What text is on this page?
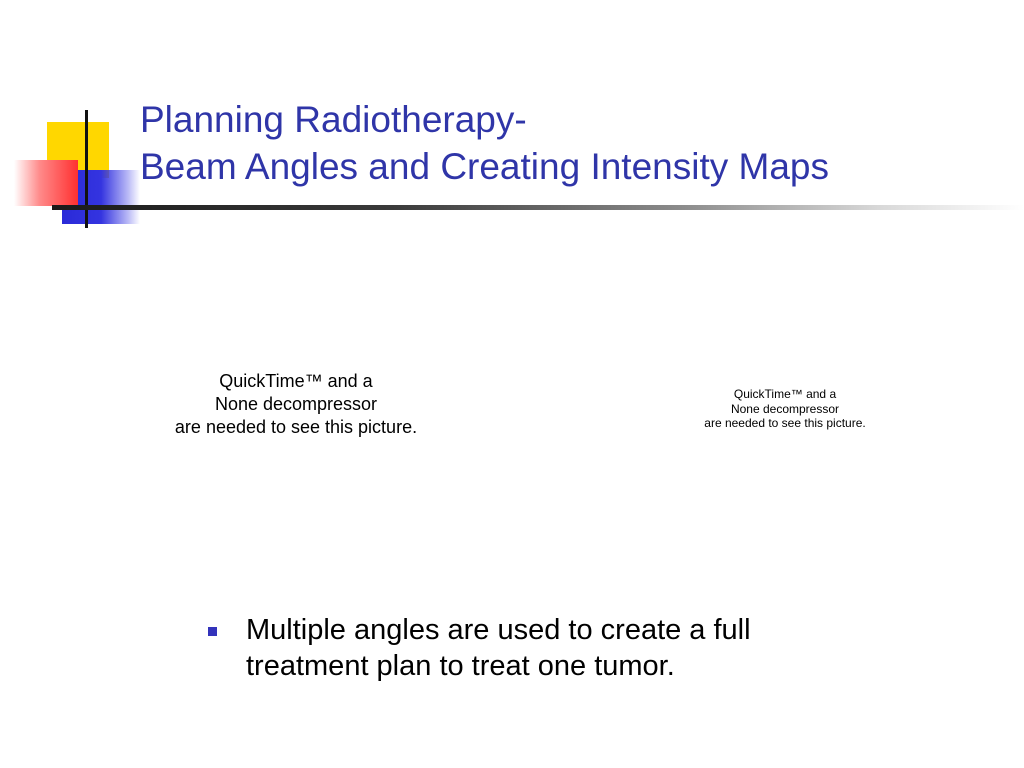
Planning Radiotherapy-
Beam Angles and Creating Intensity Maps
QuickTime™ and a
None decompressor
are needed to see this picture.
QuickTime™ and a
None decompressor
are needed to see this picture.
Multiple angles are used to create a full treatment plan to treat one tumor.
